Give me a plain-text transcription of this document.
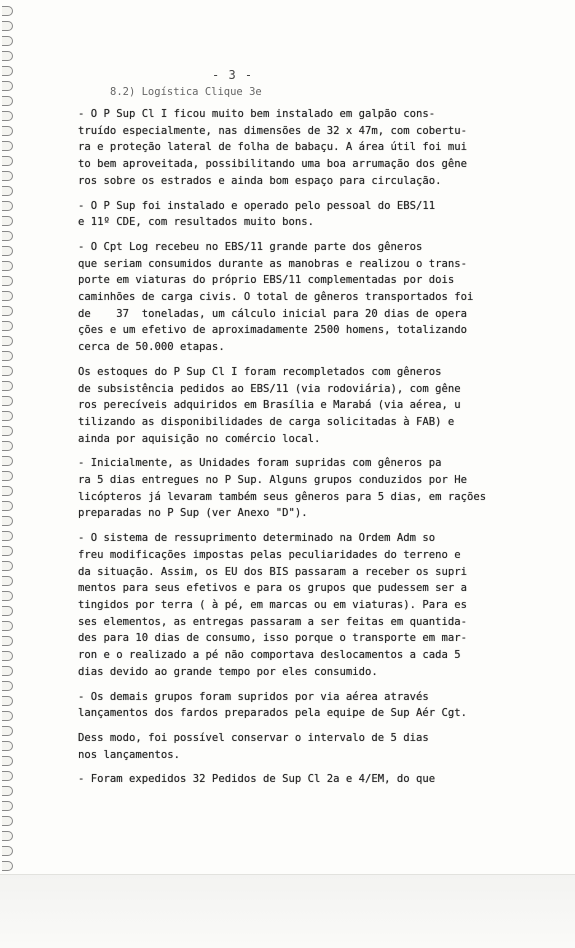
- 3 -
8.2) Logística Clique 3e
- O P Sup Cl I ficou muito bem instalado em galpão cons-
truído especialmente, nas dimensões de 32 x 47m, com cobertu-
ra e proteção lateral de folha de babaçu. A área útil foi mui
to bem aproveitada, possibilitando uma boa arrumação dos gêne
ros sobre os estrados e ainda bom espaço para circulação.
- O P Sup foi instalado e operado pelo pessoal do EBS/11
e 11º CDE, com resultados muito bons.
- O Cpt Log recebeu no EBS/11 grande parte dos gêneros
que seriam consumidos durante as manobras e realizou o trans-
porte em viaturas do próprio EBS/11 complementadas por dois
caminhões de carga civis. O total de gêneros transportados foi
de    37  toneladas, um cálculo inicial para 20 dias de opera
ções e um efetivo de aproximadamente 2500 homens, totalizando
cerca de 50.000 etapas.
Os estoques do P Sup Cl I foram recompletados com gêneros
de subsistência pedidos ao EBS/11 (via rodoviária), com gêne
ros perecíveis adquiridos em Brasília e Marabá (via aérea, u
tilizando as disponibilidades de carga solicitadas à FAB) e
ainda por aquisição no comércio local.
- Inicialmente, as Unidades foram supridas com gêneros pa
ra 5 dias entregues no P Sup. Alguns grupos conduzidos por He
licópteros já levaram também seus gêneros para 5 dias, em rações preparadas no P Sup (ver Anexo "D").
- O sistema de ressuprimento determinado na Ordem Adm so
freu modificações impostas pelas peculiaridades do terreno e
da situação. Assim, os EU dos BIS passaram a receber os supri
mentos para seus efetivos e para os grupos que pudessem ser a
tingidos por terra ( à pé, em marcas ou em viaturas). Para es
ses elementos, as entregas passaram a ser feitas em quantida-
des para 10 dias de consumo, isso porque o transporte em mar-
ron e o realizado a pé não comportava deslocamentos a cada 5
dias devido ao grande tempo por eles consumido.
- Os demais grupos foram supridos por via aérea através
lançamentos dos fardos preparados pela equipe de Sup Aér Cgt.
Dess modo, foi possível conservar o intervalo de 5 dias
nos lançamentos.
- Foram expedidos 32 Pedidos de Sup Cl 2a e 4/EM, do que
